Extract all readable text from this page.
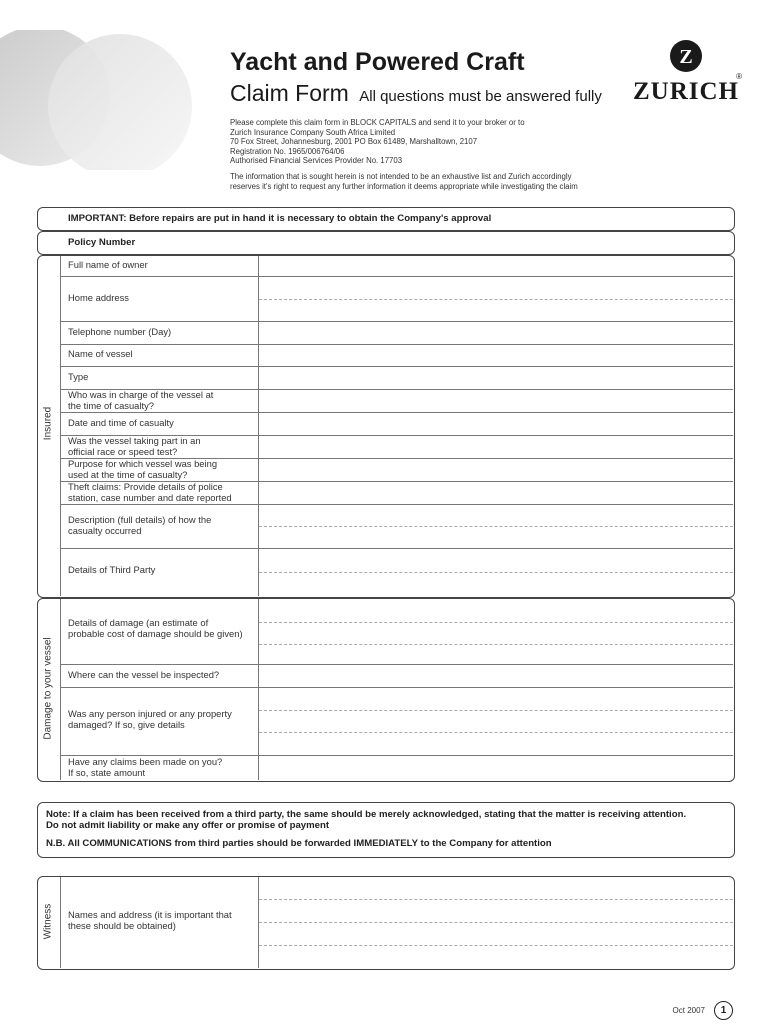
Yacht and Powered Craft
Claim Form All questions must be answered fully
Z
ZURICH
®

Please complete this claim form in BLOCK CAPITALS and send it to your broker or to

Zurich Insurance Company South Africa Limited

70 Fox Street, Johannesburg, 2001 PO Box 61489, Marshalltown, 2107

Registration No. 1965/006764/06

Authorised Financial Services Provider No. 17703

The information that is sought herein is not intended to be an exhaustive list and Zurich accordingly

reserves it's right to request any further information it deems appropriate while investigating the claim

IMPORTANT: Before repairs are put in hand it is necessary to obtain the Company's approval
Policy Number
Insured
Full name of owner
Home address
Telephone number (Day)
Name of vessel
Type
Who was in charge of the vessel at
the time of casualty?
Date and time of casualty
Was the vessel taking part in an
official race or speed test?
Purpose for which vessel was being
used at the time of casualty?
Theft claims: Provide details of police
station, case number and date reported
Description (full details) of how the
casualty occurred
Details of Third Party
Damage to your vessel
Details of damage (an estimate of
probable cost of damage should be given)
Where can the vessel be inspected?
Was any person injured or any property
damaged? If so, give details
Have any claims been made on you?
If so, state amount
Note: If a claim has been received from a third party, the same should be merely acknowledged, stating that the matter is receiving attention.
Do not admit liability or make any offer or promise of payment
N.B. All COMMUNICATIONS from third parties should be forwarded IMMEDIATELY to the Company for attention
Witness Names and address (it is important that
these should be obtained)
Oct 2007	1
